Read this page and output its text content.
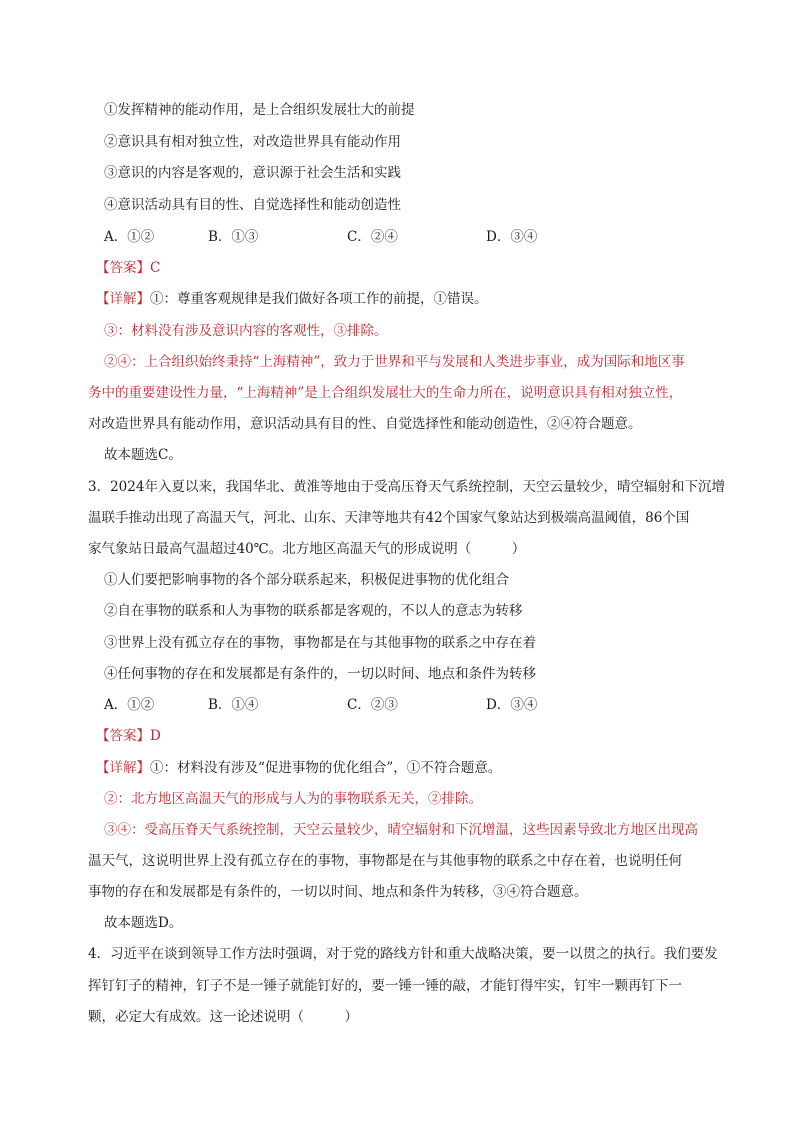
①发挥精神的能动作用，是上合组织发展壮大的前提
②意识具有相对独立性，对改造世界具有能动作用
③意识的内容是客观的，意识源于社会生活和实践
④意识活动具有目的性、自觉选择性和能动创造性
A．①②	B．①③	C．②④	D．③④
【答案】C
【详解】①：尊重客观规律是我们做好各项工作的前提，①错误。
③：材料没有涉及意识内容的客观性，③排除。
②④：上合组织始终秉持“上海精神”，致力于世界和平与发展和人类进步事业，成为国际和地区事
务中的重要建设性力量，“上海精神”是上合组织发展壮大的生命力所在，说明意识具有相对独立性，
对改造世界具有能动作用，意识活动具有目的性、自觉选择性和能动创造性，②④符合题意。
故本题选C。
3．2024年入夏以来，我国华北、黄淮等地由于受高压脊天气系统控制，天空云量较少，晴空辐射和下沉增
温联手推动出现了高温天气，河北、山东、天津等地共有42个国家气象站达到极端高温阈值，86个国
家气象站日最高气温超过40℃。北方地区高温天气的形成说明（　　　）
①人们要把影响事物的各个部分联系起来，积极促进事物的优化组合
②自在事物的联系和人为事物的联系都是客观的，不以人的意志为转移
③世界上没有孤立存在的事物，事物都是在与其他事物的联系之中存在着
④任何事物的存在和发展都是有条件的，一切以时间、地点和条件为转移
A．①②	B．①④	C．②③	D．③④
【答案】D
【详解】①：材料没有涉及“促进事物的优化组合”，①不符合题意。
②：北方地区高温天气的形成与人为的事物联系无关，②排除。
③④：受高压脊天气系统控制，天空云量较少，晴空辐射和下沉增温，这些因素导致北方地区出现高
温天气，这说明世界上没有孤立存在的事物，事物都是在与其他事物的联系之中存在着，也说明任何
事物的存在和发展都是有条件的，一切以时间、地点和条件为转移，③④符合题意。
故本题选D。
4．习近平在谈到领导工作方法时强调，对于党的路线方针和重大战略决策，要一以贯之的执行。我们要发
挥钉钉子的精神，钉子不是一锤子就能钉好的，要一锤一锤的敲，才能钉得牢实，钉牢一颗再钉下一
颗，必定大有成效。这一论述说明（　　　）
